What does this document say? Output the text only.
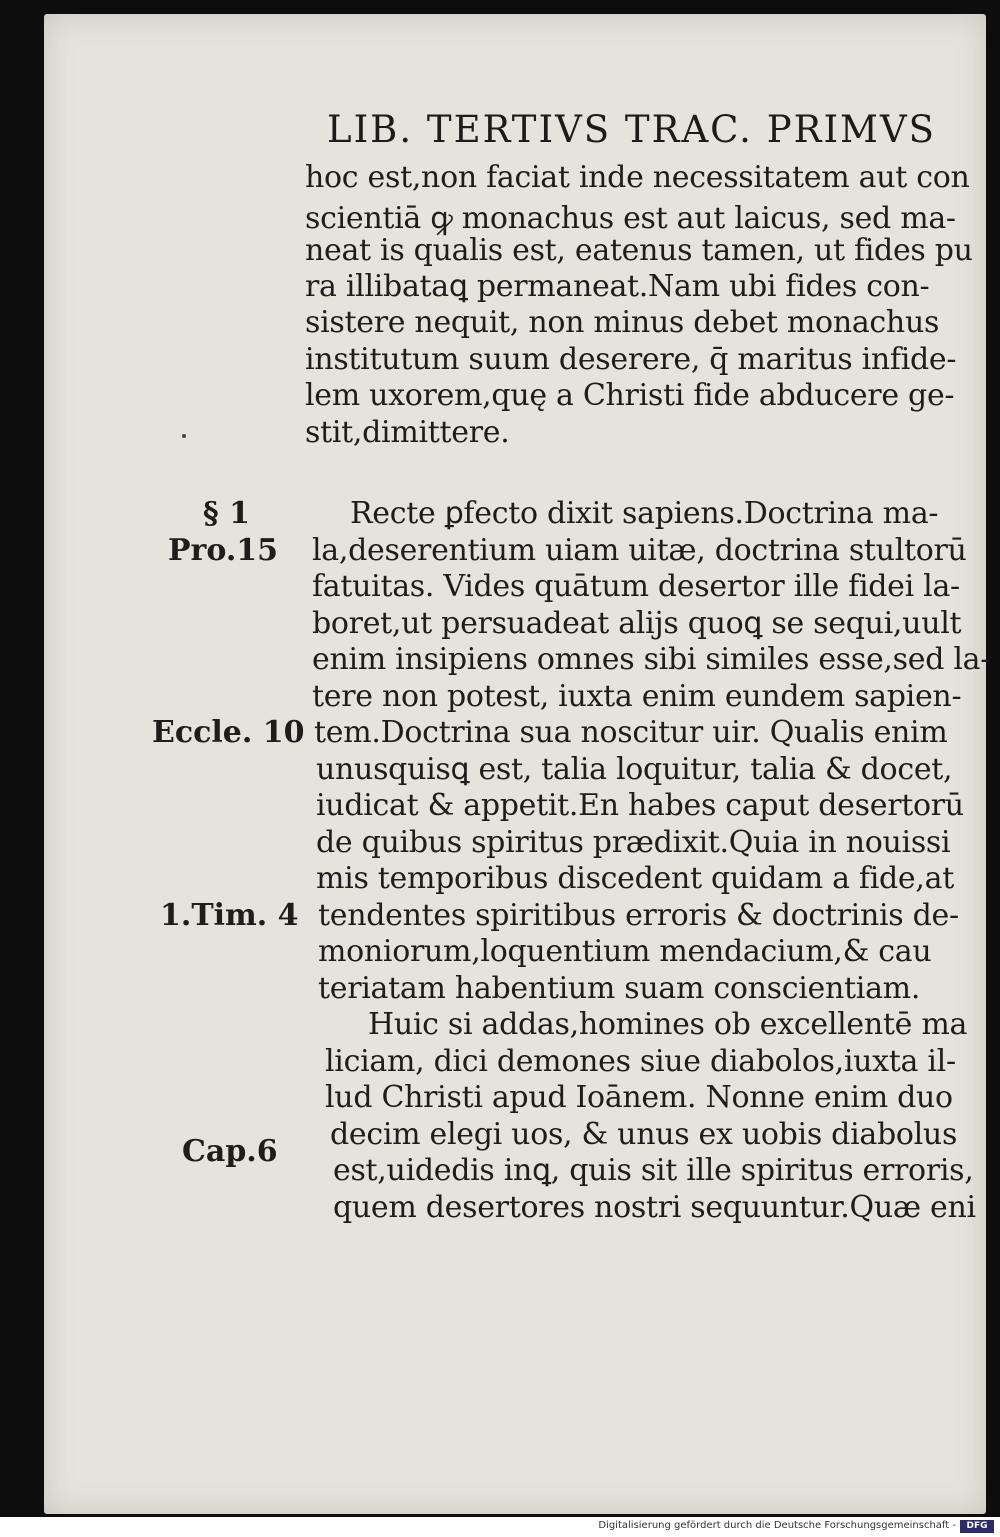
LIB. TERTIVS TRAC. PRIMVS
hoc est,non faciat inde necessitatem aut con
scientiā ꝙ monachus est aut laicus, sed ma-
neat is qualis est, eatenus tamen, ut fides pu
ra illibataꝗ permaneat.Nam ubi fides con-
sistere nequit, non minus debet monachus
institutum suum deserere, q̄ maritus infide-
lem uxorem,quę a Christi fide abducere ge-
stit,dimittere.
Recte ꝑfecto dixit sapiens.Doctrina ma-
la,deserentium uiam uitæ, doctrina stultorū
fatuitas. Vides quātum desertor ille fidei la-
boret,ut persuadeat alijs quoꝗ se sequi,uult
enim insipiens omnes sibi similes esse,sed la-
tere non potest, iuxta enim eundem sapien-
tem.Doctrina sua noscitur uir. Qualis enim
unusquisꝗ est, talia loquitur, talia & docet,
iudicat & appetit.En habes caput desertorū
de quibus spiritus prædixit.Quia in nouissi
mis temporibus discedent quidam a fide,at
tendentes spiritibus erroris & doctrinis de-
moniorum,loquentium mendacium,& cau
teriatam habentium suam conscientiam.
Huic si addas,homines ob excellentē ma
liciam, dici demones siue diabolos,iuxta il-
lud Christi apud Ioānem. Nonne enim duo
decim elegi uos, & unus ex uobis diabolus
est,uidedis inꝗ, quis sit ille spiritus erroris,
quem desertores nostri sequuntur.Quæ eni
§ 1
Pro.15
Eccle. 10
1.Tim. 4
Cap.6
Digitalisierung gefördert durch die Deutsche Forschungsgemeinschaft -	DFG
